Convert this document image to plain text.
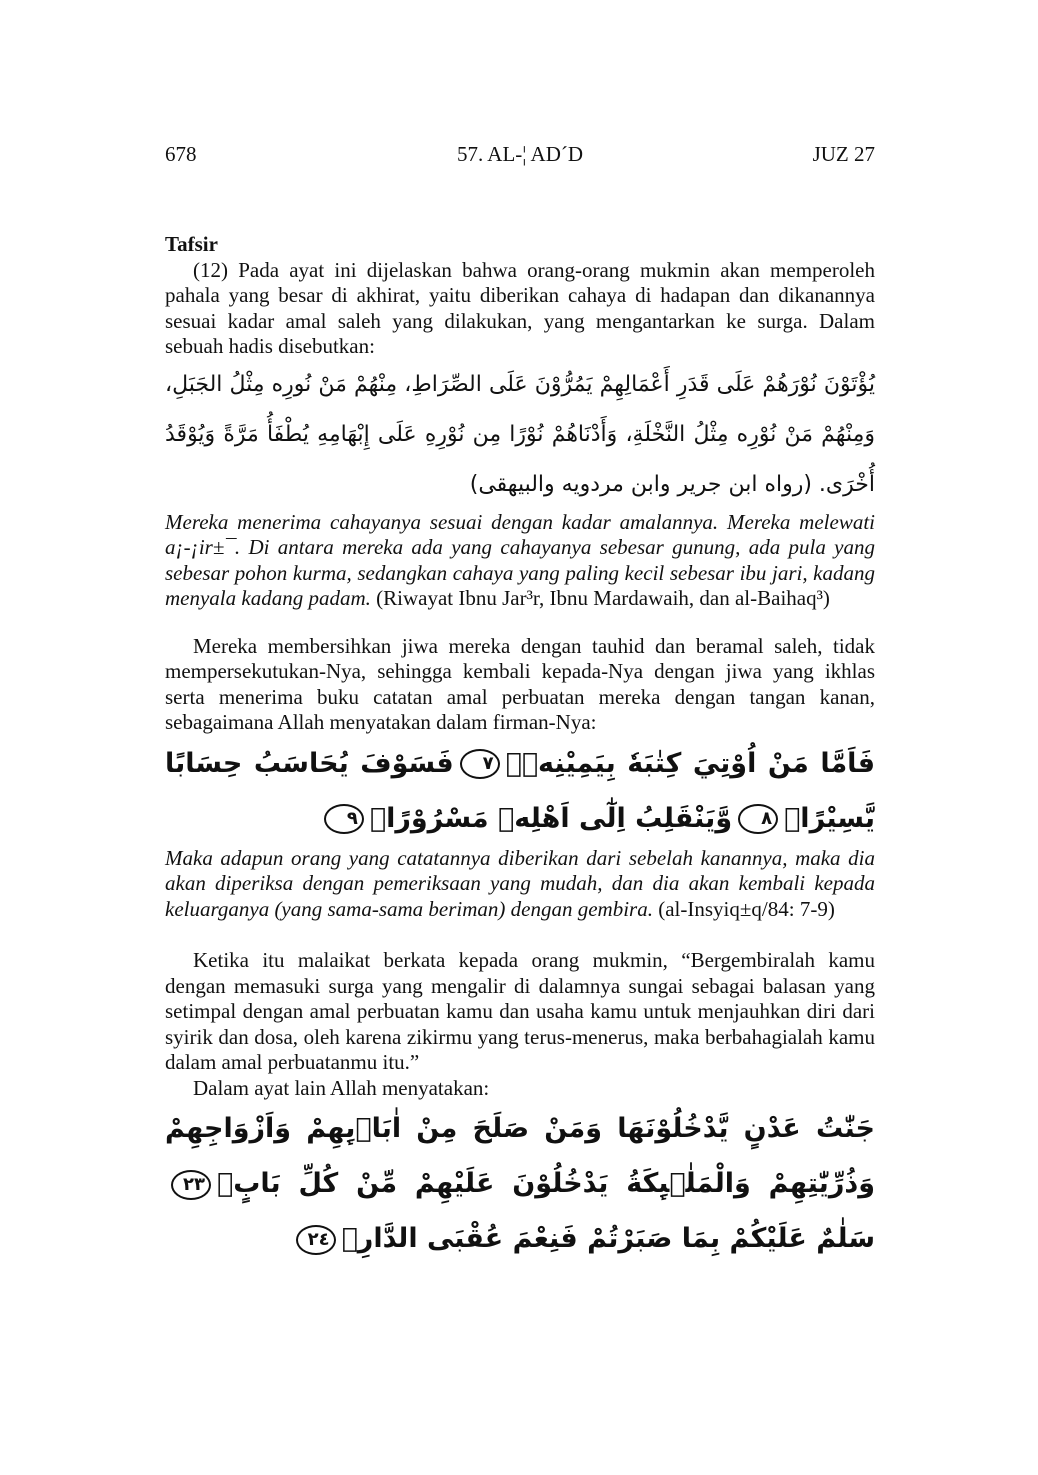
678	57. AL-¦ AD´D	JUZ 27

Tafsir

(12) Pada ayat ini dijelaskan bahwa orang-orang mukmin akan memperoleh pahala yang besar di akhirat, yaitu diberikan cahaya di hadapan dan dikanannya sesuai kadar amal saleh yang dilakukan, yang mengantarkan ke surga. Dalam sebuah hadis disebutkan:

يُؤْتَوْنَ نُوْرَهُمْ عَلَى قَدَرِ أَعْمَالِهِمْ يَمُرُّوْنَ عَلَى الصِّرَاطِ، مِنْهُمْ مَنْ نُورِه مِثْلُ الجَبَلِ، وَمِنْهُمْ مَنْ نُوْرِه مِثْلُ النَّخْلَةِ، وَأَدْنَاهُمْ نُوْرًا مِن نُوْرِهِ عَلَى إِبْهَامِهِ يُطْفَأُ مَرَّةً وَيُوْقَدُ أُخْرَى. (رواه ابن جرير وابن مردويه والبيهقى)

Mereka menerima cahayanya sesuai dengan kadar amalannya. Mereka melewati a¡-¡ir±¯. Di antara mereka ada yang cahayanya sebesar gunung, ada pula yang sebesar pohon kurma, sedangkan cahaya yang paling kecil sebesar ibu jari, kadang menyala kadang padam. (Riwayat Ibnu Jar³r, Ibnu Mardawaih, dan al-Baihaq³)

Mereka membersihkan jiwa mereka dengan tauhid dan beramal saleh, tidak mempersekutukan-Nya, sehingga kembali kepada-Nya dengan jiwa yang ikhlas serta menerima buku catatan amal perbuatan mereka dengan tangan kanan, sebagaimana Allah menyatakan dalam firman-Nya:

فَاَمَّا مَنْ اُوْتِيَ كِتٰبَهٗ بِيَمِيْنِهٖۙ٧فَسَوْفَ يُحَاسَبُ حِسَابًا يَّسِيْرًاۙ٨وَّيَنْقَلِبُ اِلٰٓى اَهْلِهٖ مَسْرُوْرًاۗ٩

Maka adapun orang yang catatannya diberikan dari sebelah kanannya, maka dia akan diperiksa dengan pemeriksaan yang mudah, dan dia akan kembali kepada keluarganya (yang sama-sama beriman) dengan gembira. (al-Insyiq±q/84: 7-9)

Ketika itu malaikat berkata kepada orang mukmin, “Bergembiralah kamu dengan memasuki surga yang mengalir di dalamnya sungai sebagai balasan yang setimpal dengan amal perbuatan kamu dan usaha kamu untuk menjauhkan diri dari syirik dan dosa, oleh karena zikirmu yang terus-menerus, maka berbahagialah kamu dalam amal perbuatanmu itu.”

Dalam ayat lain Allah menyatakan:

جَنّٰتُ عَدْنٍ يَّدْخُلُوْنَهَا وَمَنْ صَلَحَ مِنْ اٰبَاۤىِٕهِمْ وَاَزْوَاجِهِمْ وَذُرِّيّٰتِهِمْ وَالْمَلٰۤىِٕكَةُ يَدْخُلُوْنَ عَلَيْهِمْ مِّنْ كُلِّ بَابٍۚ٢٣سَلٰمٌ عَلَيْكُمْ بِمَا صَبَرْتُمْ فَنِعْمَ عُقْبَى الدَّارِۗ٢٤
